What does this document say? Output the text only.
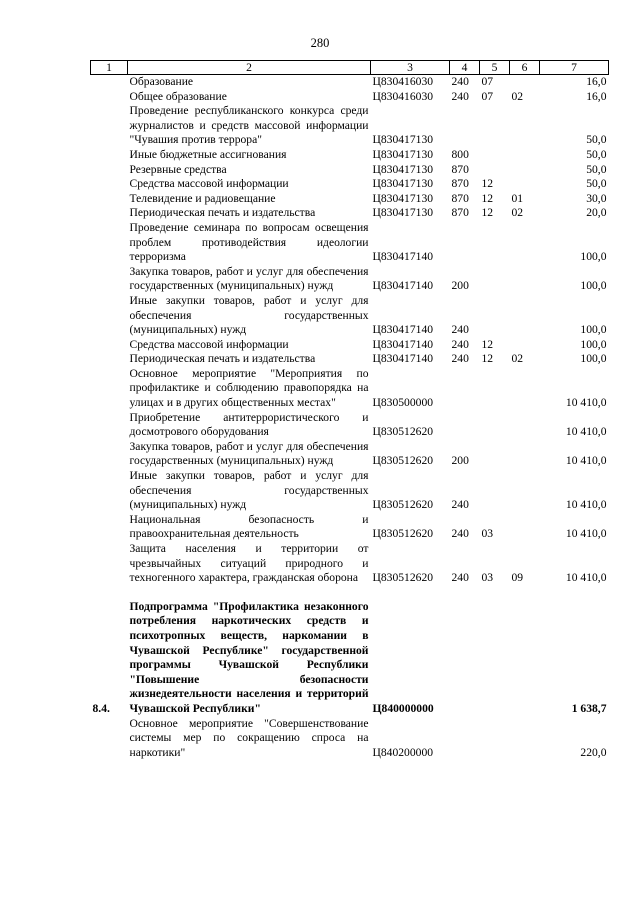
280
1	2	3	4	5	6	7
	Образование	Ц830416030	240	07		16,0
	Общее образование	Ц830416030	240	07	02	16,0
	Проведение республиканского конкурса среди журналистов и средств массовой информации "Чувашия против террора"	Ц830417130				50,0
	Иные бюджетные ассигнования	Ц830417130	800			50,0
	Резервные средства	Ц830417130	870			50,0
	Средства массовой информации	Ц830417130	870	12		50,0
	Телевидение и радиовещание	Ц830417130	870	12	01	30,0
	Периодическая печать и издательства	Ц830417130	870	12	02	20,0
	Проведение семинара по вопросам освещения проблем противодействия идеологии терроризма	Ц830417140				100,0
	Закупка товаров, работ и услуг для обеспечения государственных (муниципальных) нужд	Ц830417140	200			100,0
	Иные закупки товаров, работ и услуг для обеспечения государственных (муниципальных) нужд	Ц830417140	240			100,0
	Средства массовой информации	Ц830417140	240	12		100,0
	Периодическая печать и издательства	Ц830417140	240	12	02	100,0
	Основное мероприятие "Мероприятия по профилактике и соблюдению правопорядка на улицах и в других общественных местах"	Ц830500000				10 410,0
	Приобретение антитеррористического и досмотрового оборудования	Ц830512620				10 410,0
	Закупка товаров, работ и услуг для обеспечения государственных (муниципальных) нужд	Ц830512620	200			10 410,0
	Иные закупки товаров, работ и услуг для обеспечения государственных (муниципальных) нужд	Ц830512620	240			10 410,0
	Национальная безопасность и правоохранительная деятельность	Ц830512620	240	03		10 410,0
	Защита населения и территории от чрезвычайных ситуаций природного и техногенного характера, гражданская оборона	Ц830512620	240	03	09	10 410,0

8.4.	Подпрограмма "Профилактика незаконного потребления наркотических средств и психотропных веществ, наркомании в Чувашской Республике" государственной программы Чувашской Республики "Повышение безопасности жизнедеятельности населения и территорий Чувашской Республики"	Ц840000000				1 638,7
	Основное мероприятие "Совершенствование системы мер по сокращению спроса на наркотики"	Ц840200000				220,0
